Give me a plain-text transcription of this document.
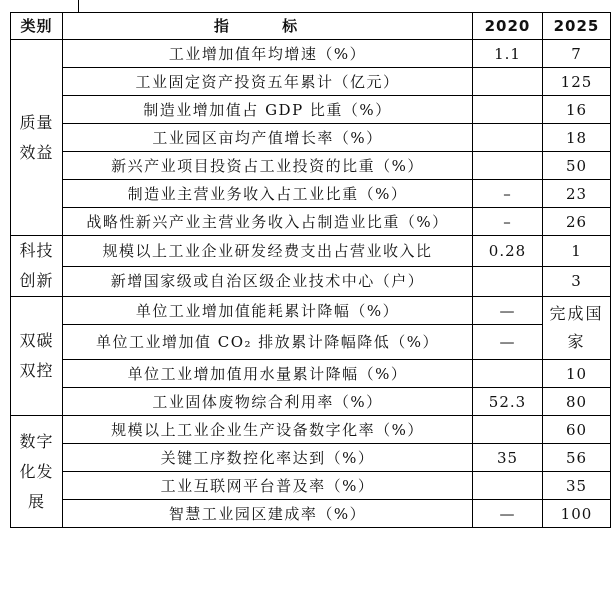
类别	指 标	2020	2025
质量效益	工业增加值年均增速（%）	1.1	7
	工业固定资产投资五年累计（亿元）		125
	制造业增加值占 GDP 比重（%）		16
	工业园区亩均产值增长率（%）		18
	新兴产业项目投资占工业投资的比重（%）		50
	制造业主营业务收入占工业比重（%）	–	23
	战略性新兴产业主营业务收入占制造业比重（%）	–	26
科技创新	规模以上工业企业研发经费支出占营业收入比	0.28	1
	新增国家级或自治区级企业技术中心（户）		3
双碳双控	单位工业增加值能耗累计降幅（%）	—	完成国家
	单位工业增加值 CO₂ 排放累计降幅降低（%）	—	
	单位工业增加值用水量累计降幅（%）		10
	工业固体废物综合利用率（%）	52.3	80
数字化发展	规模以上工业企业生产设备数字化率（%）		60
	关键工序数控化率达到（%）	35	56
	工业互联网平台普及率（%）		35
	智慧工业园区建成率（%）	—	100
